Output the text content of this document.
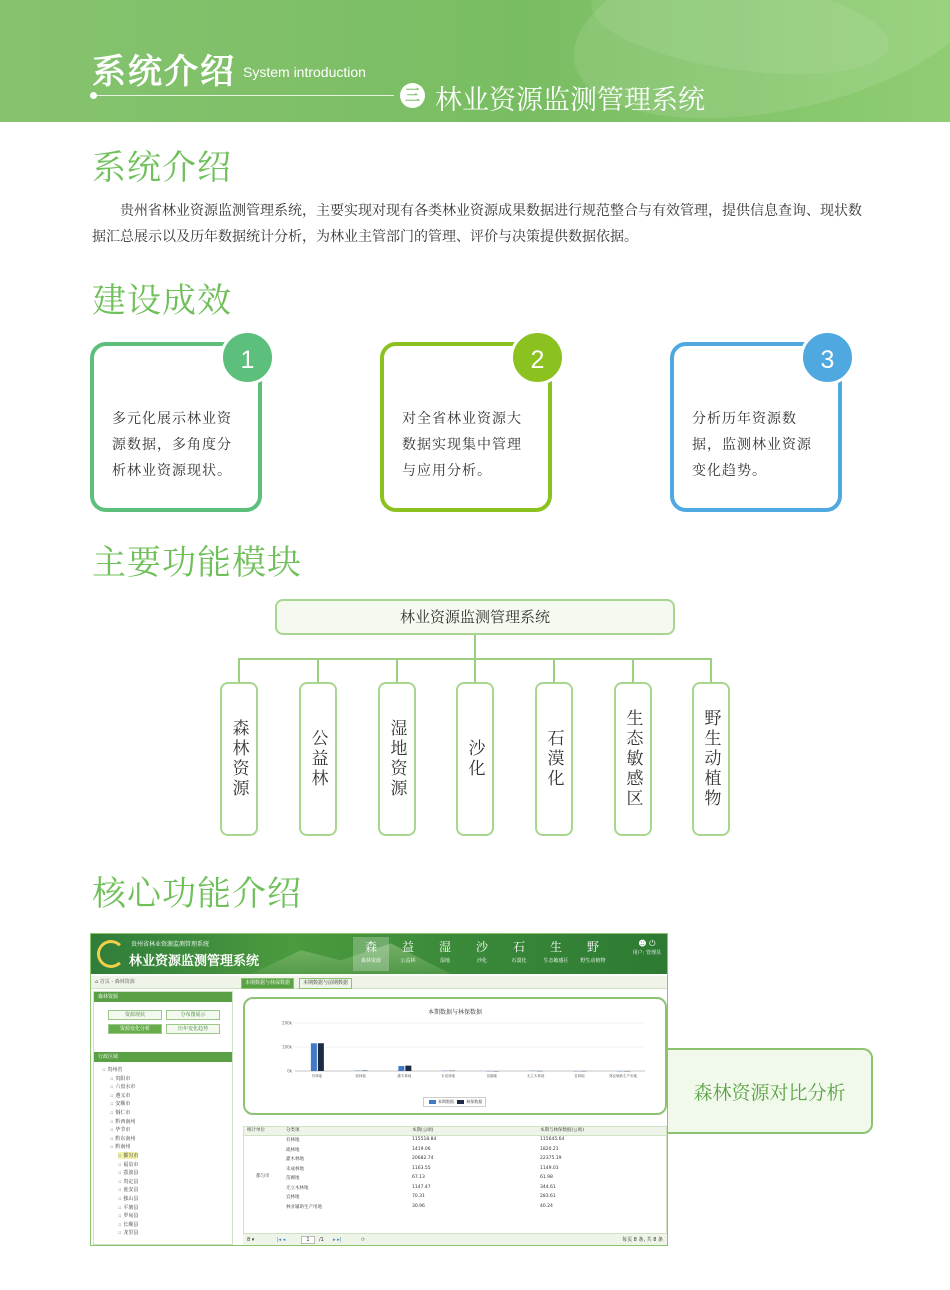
系统介绍 System introduction
三 林业资源监测管理系统
系统介绍

贵州省林业资源监测管理系统，主要实现对现有各类林业资源成果数据进行规范整合与有效管理，提供信息查询、现状数据汇总展示以及历年数据统计分析，为林业主管部门的管理、评价与决策提供数据依据。

建设成效
多元化展示林业资源数据，多角度分析林业资源现状。
1
对全省林业资源大数据实现集中管理与应用分析。
2
分析历年资源数据，监测林业资源变化趋势。
3
主要功能模块
林业资源监测管理系统
森林资源	公益林	湿地资源	沙化	石漠化	生态敏感区	野生动植物
核心功能介绍
贵州省林业资源监测管理系统
林业资源监测管理系统
森
森林资源
益
公益林
湿
湿地
沙
沙化
石
石漠化
生
生态敏感区
野
野生动植物
☻ ⏻
用户: 管理员
⌂ 首页 - 森林资源
森林资源
资源现状	分布图展示
资源变化分析	历年变化趋势
行政区域
▫ 贵州省
▫ 贵阳市
▫ 六盘水市
▫ 遵义市
▫ 安顺市
▫ 铜仁市
▫ 黔西南州
▫ 毕节市
▫ 黔东南州
▫ 黔南州
▫ 都匀市
▫ 福泉市
▫ 荔波县
▫ 贵定县
▫ 瓮安县
▫ 独山县
▫ 平塘县
▫ 罗甸县
▫ 长顺县
▫ 龙里县
本期数据与林保数据	本期数据与前期数据
本期数据与林保数据
200k
100k
0k
有林地	疏林地	灌木林地	未成林地	苗圃地	无立木林地	宜林地	林业辅助生产用地
本期数据	林保数据
统计单位	分类项	本期(公顷)	本期与林保数据(公顷)
都匀市
有林地	115518.84	115645.64
疏林地	1419.06	1820.21
灌木林地	20682.74	22375.19
未成林地	1163.55	1149.03
苗圃地	67.13	61.98
无立木林地	1147.47	344.61
宜林地	70.31	283.61
林业辅助生产用地	30.96	40.24
8 ▾	|◂ ◂	1	/1 ▸ ▸|	⟳	每页 8 条, 共 8 条
森林资源对比分析
